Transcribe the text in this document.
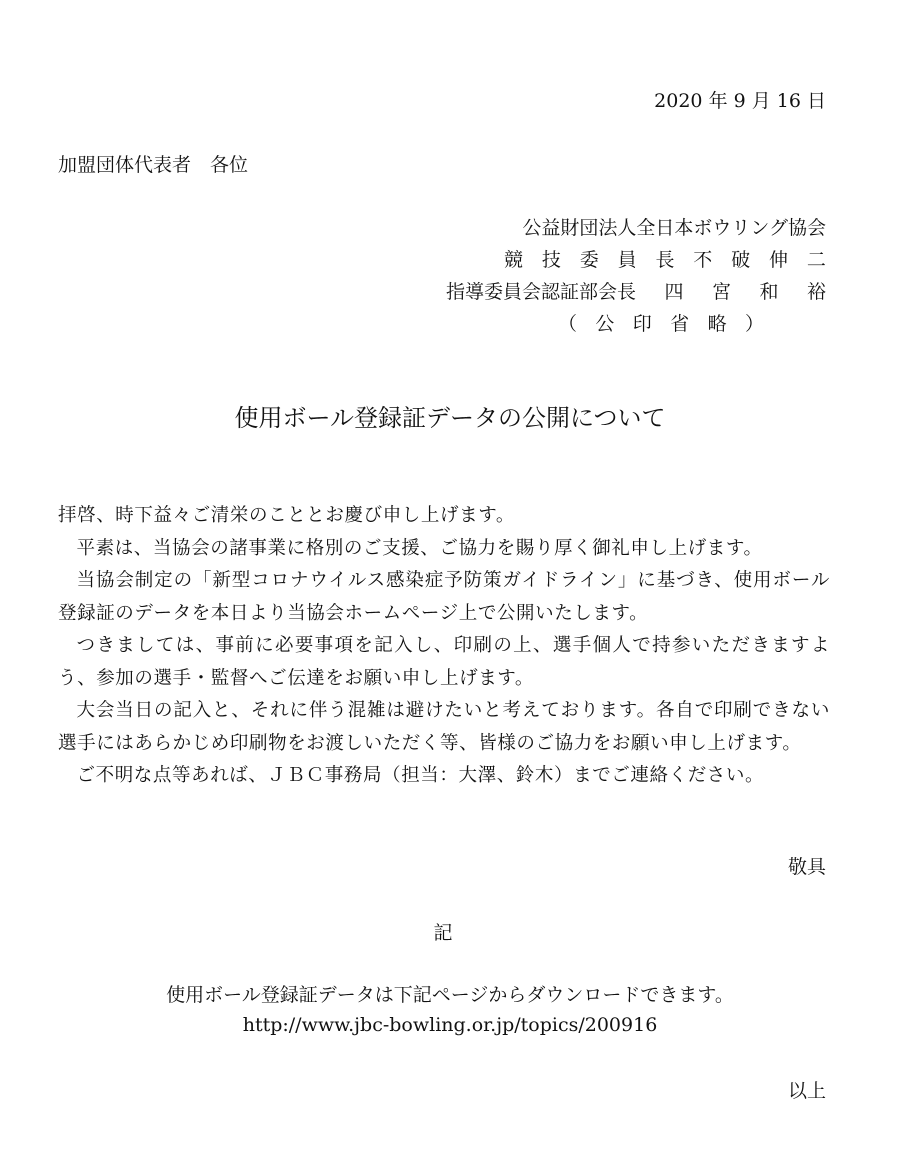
2020 年 9 月 16 日
加盟団体代表者　各位
公益財団法人全日本ボウリング協会
競 技 委 員 長 不 破 伸 二
指導委員会認証部会長 四 宮 和 裕
（ 公 印 省 略 ）
使用ボール登録証データの公開について

拝啓、時下益々ご清栄のこととお慶び申し上げます。

平素は、当協会の諸事業に格別のご支援、ご協力を賜り厚く御礼申し上げます。

当協会制定の「新型コロナウイルス感染症予防策ガイドライン」に基づき、使用ボール登録証のデータを本日より当協会ホームページ上で公開いたします。

つきましては、事前に必要事項を記入し、印刷の上、選手個人で持参いただきますよう、参加の選手・監督へご伝達をお願い申し上げます。

大会当日の記入と、それに伴う混雑は避けたいと考えております。各自で印刷できない選手にはあらかじめ印刷物をお渡しいただく等、皆様のご協力をお願い申し上げます。

ご不明な点等あれば、ＪＢＣ事務局（担当：大澤、鈴木）までご連絡ください。

敬具
記
使用ボール登録証データは下記ページからダウンロードできます。
http://www.jbc-bowling.or.jp/topics/200916
以上
